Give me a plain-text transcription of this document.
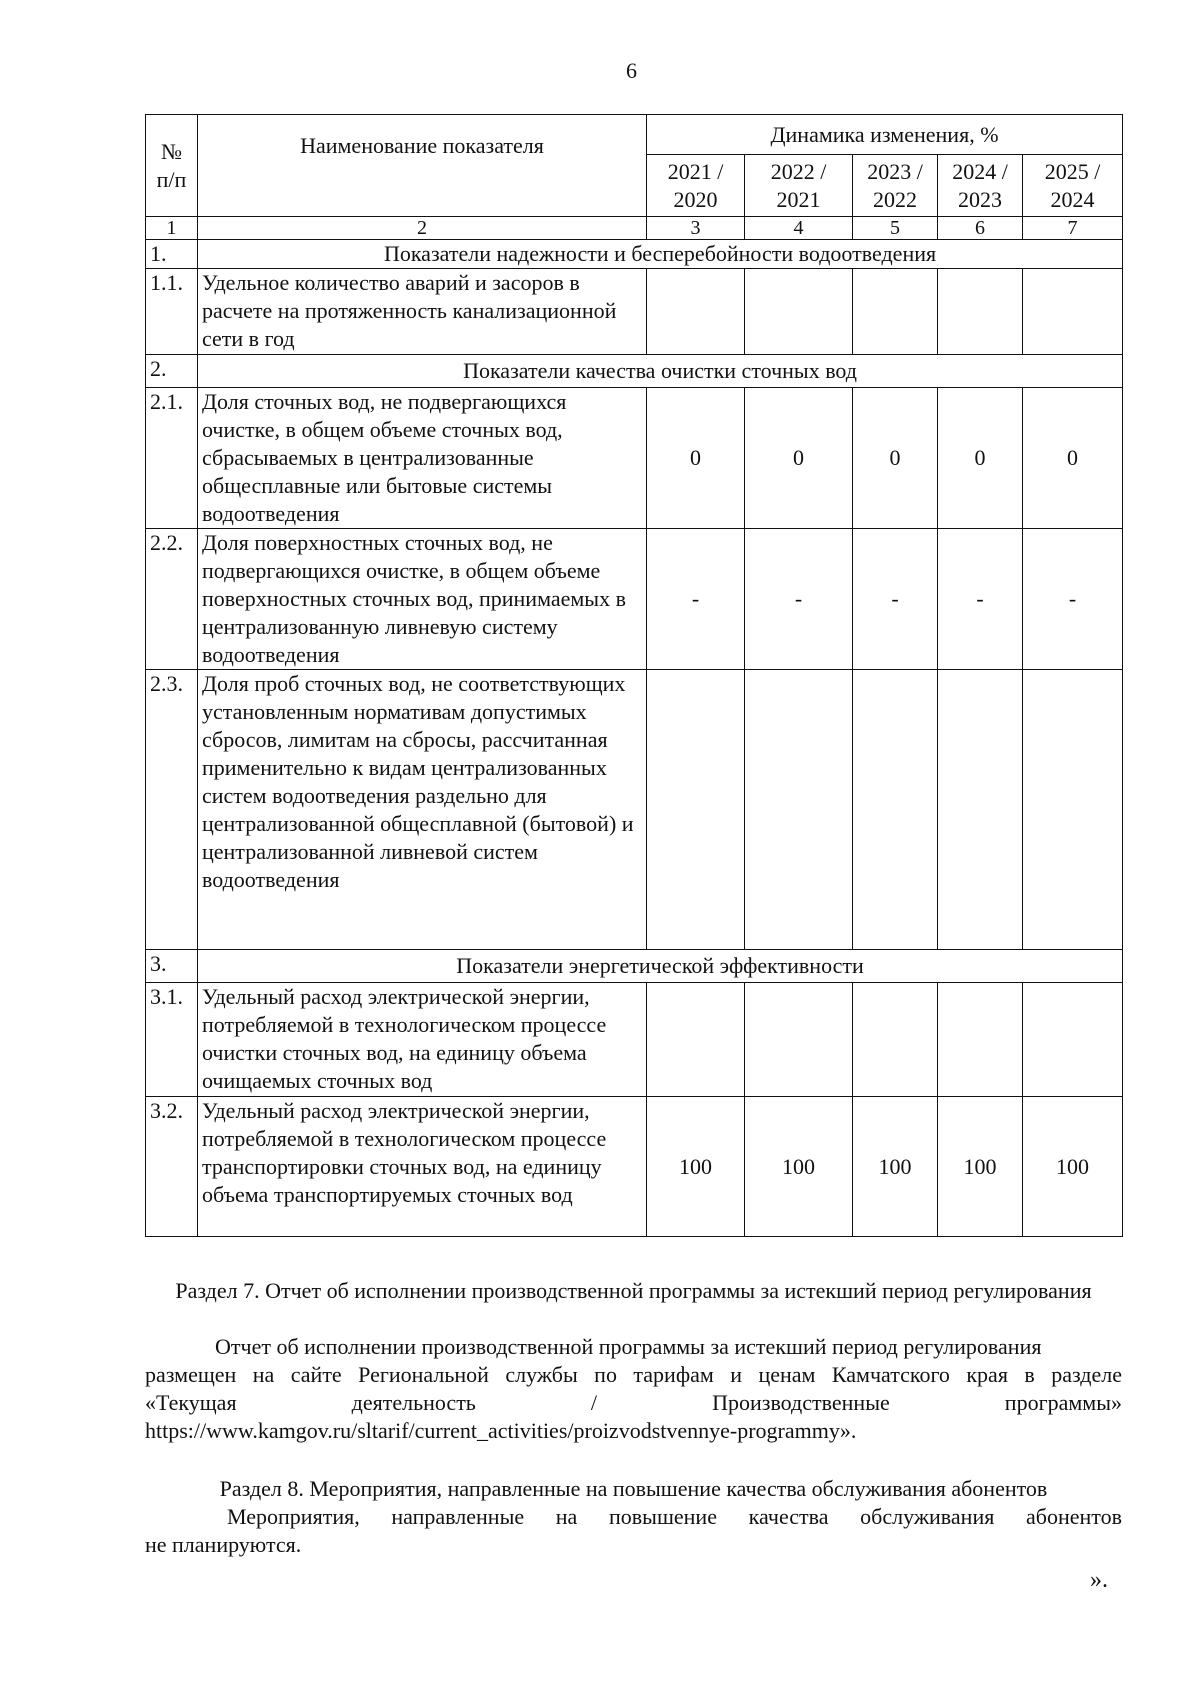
6
№ п/п	Наименование показателя	Динамика изменения, %				
		2021 / 2020	2022 / 2021	2023 / 2022	2024 / 2023	2025 / 2024
1	2	3	4	5	6	7
1.	Показатели надежности и бесперебойности водоотведения					
1.1.	Удельное количество аварий и засоров в расчете на протяженность канализационной сети в год					
2.	Показатели качества очистки сточных вод					
2.1.	Доля сточных вод, не подвергающихся очистке, в общем объеме сточных вод, сбрасываемых в централизованные общесплавные или бытовые системы водоотведения	0	0	0	0	0
2.2.	Доля поверхностных сточных вод, не подвергающихся очистке, в общем объеме поверхностных сточных вод, принимаемых в централизованную ливневую систему водоотведения	-	-	-	-	-
2.3.	Доля проб сточных вод, не соответствующих установленным нормативам допустимых сбросов, лимитам на сбросы, рассчитанная применительно к видам централизованных систем водоотведения раздельно для централизованной общесплавной (бытовой) и централизованной ливневой систем водоотведения					
3.	Показатели энергетической эффективности					
3.1.	Удельный расход электрической энергии, потребляемой в технологическом процессе очистки сточных вод, на единицу объема очищаемых сточных вод					
3.2.	Удельный расход электрической энергии, потребляемой в технологическом процессе транспортировки сточных вод, на единицу объема транспортируемых сточных вод	100	100	100	100	100
Раздел 7. Отчет об исполнении производственной программы за истекший период регулирования
Отчет об исполнении производственной программы за истекший период регулирования
размещен на сайте Региональной службы по тарифам и ценам Камчатского края в разделе
«Текущая деятельность / Производственные программы»
https://www.kamgov.ru/sltarif/current_activities/proizvodstvennye-programmy».
Раздел 8. Мероприятия, направленные на повышение качества обслуживания абонентов
Мероприятия, направленные на повышение качества обслуживания абонентов
не планируются.
».
